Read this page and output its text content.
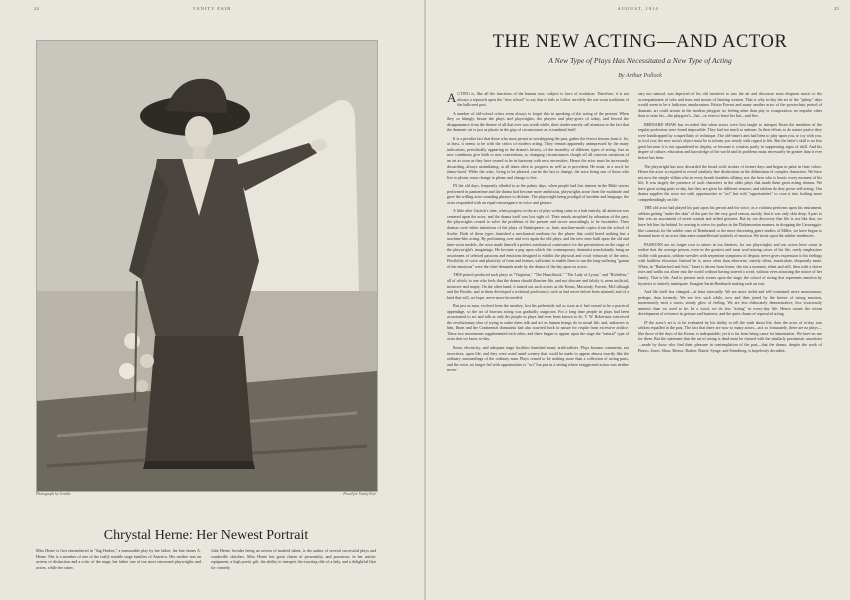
24	VANITY FAIR
Photograph by Genthe	Posed for Vanity Fair
Chrystal Herne: Her Newest Portrait
Miss Herne is first remembered in "Sag Harbor," a memorable play by her father, the late James A. Herne. She is a member of one of the really notable stage families of America. Her mother was an actress of distinction and a critic of the stage, her father one of our most renowned playwrights and actors, while her sister,
Julie Herne, besides being an actress of marked talent, is the author of several successful plays and vaudeville sketches. Miss Herne has great charm of personality, and possesses, in her artistic equipment, a high poetic gift, the ability to interpret the exacting rôle of a lady, and a delightful flair for comedy.
AUGUST, 1914	25
THE NEW ACTING—AND ACTOR
A New Type of Plays Has Necessitated a New Type of Acting
By Arthur Pollock

ACTING is, like all the functions of the human race, subject to laws of evolution. Therefore, it is not always a reproach upon the "new school" to say that it fails to follow servilely the out-worn traditions of the hallowed past.

A number of old-school critics seem always to forget this in speaking of the acting of the present. When they so bitingly berate the plays and playwrights, the players and play-goers of today, and bewail the disappearance from the theatre of all that ever was worth while, their tirades merely call attention to the fact that the dramatic art is just as plastic in the grip of circumstance as is mankind itself.

It is a peculiar fact that those who most persist in worshipping the past, gather the fewest lessons from it. So, at least, it seems to be with the critics of modern acting. They remain apparently unimpressed by the many indications, periodically appearing in the drama's history, of the mortality of different types of acting. Just as new conditions give birth to new conventions, so changing circumstances slough off all outworn variations of an art as soon as they have ceased to be in harmony with new necessities. Hence the actor must be incessantly discarding, always assimilating, at all times alive to progress as well as to precedent. He must, in a word, be Janus-faced. While the critic, living to be pleased, can be the last to change, the actor being one of those who live to please, must change to please and change to live.

IN the old days, frequently alluded to as the palmy days, when people had lost interest in the Bible stories performed in pantomime and the drama had become more ambitious, playwrights arose from the multitude and gave the willing actor sounding phrases to declaim. The playwright being prodigal of incident and language, the actor responded with an equal extravagance in voice and gesture.

A little after Garrick's time, when progress in the art of play-writing came to a halt entirely, all attention was centered upon the actor, and the drama itself was lost sight of. Their minds atrophied by adoration of the past, the playwrights ceased to solve the problems of the present and strove unavailingly to be facsimiles. Their dramas were either imitations of the plays of Shakespeare, or, later, machine-made copies from the school of Scribe. Both of these types furnished a mechanical medium for the player that could breed nothing but a machine-like acting. By performing over and over again the old plays, and the new ones built upon the old and time-worn models, the actor made himself a perfect mechanical contrivance for the presentation on the stage of the playwright's imaginings. He became a peg upon which the contemporary dramatist nonchalantly hung an assortment of selected passions and emotions designed to exhibit the physical and vocal virtuosity of the artist. Flexibility of voice and plasticity of form and feature, sufficient to enable them to run the long-suffering "gamut of the emotions" were the chief demands made by the drama of the day upon its actors.

THIS period produced such plays as "Virginius," "The Hunchback," "The Lady of Lyons," and "Richelieu," all of which, to one who feels that the drama should illumine life, and not obscure and falsify it, seem artificial, insincere and empty. On the other hand, it turned out such actors as the Keans, Macready, Forrest, McCullough and the Booths, and in them developed a technical proficiency such as had never before been attained, and of a kind that will, we hope, never more be needed.

But just as man, evolved from the monkey, lost his prehensile tail so soon as it had ceased to be a practical appendage, so the art of bravura acting was gradually outgrown. For a long time people in plays had been accustomed to act and talk as only the people in plays had ever been known to do. T. W. Robertson conceived the revolutionary idea of trying to make them talk and act as human beings do in actual life, and, unknown to him, Ibsen and the Continental dramatists had also scurried back to nature for respite from excessive artifice. These two movements supplemented each other, and there began to appear upon the stage the "natural" type of actor that we know to-day.

Ibsen, electricity, and adequate stage facilities banished many artificialities. Plays became comments, not invectives, upon life, and they were acted amid scenery that could be made to appear almost exactly like the ordinary surroundings of the ordinary man. Plays ceased to be nothing more than a collection of acting parts, and the actor, no longer fed with opportunities to "act" but put in a setting where exaggerated action was neither neces-

sary nor natural, was deprived of his old incentive to saw the air and discourse most eloquent music to the accompaniment of sobs and tears and moans of fainting women. That is why to-day the art of the "palmy" days would seem to be a ludicrous anachronism. Edwin Forrest and many another actor of the pyrotechnic period of dramatic art could arouse in the modern playgoer no feeling other than pity or exasperation, no impulse other than to seize his—the playgoer's—hat—or even to leave his hat—and flee.

BERNARD SHAW has recorded that when actors were first taught to interpret Ibsen the members of the regular profession were found impossible. They had too much to unlearn. In their efforts to do nature justice they were handicapped by a superfluity of technique. The old-timer's aim had been to play upon you, to toy with you, to fool you; the new actor's object must be to inform you wisely with regard to life. But the latter's skill is no less great because it is not squandered in display, or because it consists partly in suppressing signs of skill. And his degree of culture, education and knowledge of the world and its problems must necessarily be greater than it ever before has been.

The playwright has now discarded the broad swift strokes of former days and begun to paint in finer colors. Hence the actor is required to reveal similarly fine distinctions in the delineation of complex characters. We have not now the simple villain who in every breath breathes villainy, nor the hero who is heroic every moment of his life. It was largely the presence of such characters in the older plays that made them great acting dramas. We have great acting parts to-day, but they are great for different reasons; and seldom do they prove self-acting. Our drama supplies the actor not with opportunities to "act" but with "opportunities" to coax it into looking more comprehendingly on life.

THE old actor had played his part upon his person and his voice, as a violinist performs upon his instrument, seldom getting "under the skin" of the part for the very good reason, mostly, that it was only skin deep. A part to him was an assortment of sweet sounds and stilted gestures. But by our discovery that life is not like that, we have left him far behind. In ceasing to strive for pathos in the Dickensonian manner, in dropping the Caravaggio-like contrasts for the subtler ones of Rembrandt or the more discerning genre studies of Millet, we have begun to demand more of an actor than mere unintellectual symbols of emotion. We insist upon the subtler tendencies.

PASSIONS are no longer torn to tatters in our theatres; for our playwrights and our actors have come to realize that the average person, even in the greatest and most soul-stirring crises of his life, rarely emphasizes visibly with passion, seldom wrestles with serpentine symptoms of despair, never gives expression to his feelings with faultless elocution. Instead he is, more often than otherwise, merely silent, inarticulate, eloquently mute. When, in "Rutherford and Son," Janet is driven from home, she sits a moment, silent and still, then with a shiver rises and walks out alone into the world without having uttered a word, without even attracting the notice of her family. That is life. And to present such scenes upon the stage, the school of acting that represents emotion by hysterics is entirely inadequate. Imagine Sarah Bernhardt making such an exit.

And life itself has changed—at least externally. We are more stolid and self-contained, more monotonous, perhaps, than formerly. We see few such while, now and then jarred by the breeze of strong emotion, momentarily emit a warm, steady glow of feeling. We are less elaborately demonstrative, less vivaciously mimetic than we used to be. In a word, we do less "acting" in every-day life. Hence comes the recent development of reticence in gesture and business, and the quiet charm of repressful acting.

IF the actor's art is to be evaluated by his ability to tell the truth about life, then the actor of to-day was seldom equalled in the past. The fact that there are now so many actors—not so fortunately, there are no plays—like those of the days of the Keans, is indisputable; yet it is far from being cause for lamentation. We have no use for them. But the statement that the art of acting is dead must be classed with the similarly pessimistic assertions—made by those who find their pleasure in contemplation of the past—that the drama, despite the work of Pinero, Jones, Shaw, Brieux, Barker, Barrie, Synge, and Strindberg, is hopelessly decadent.
